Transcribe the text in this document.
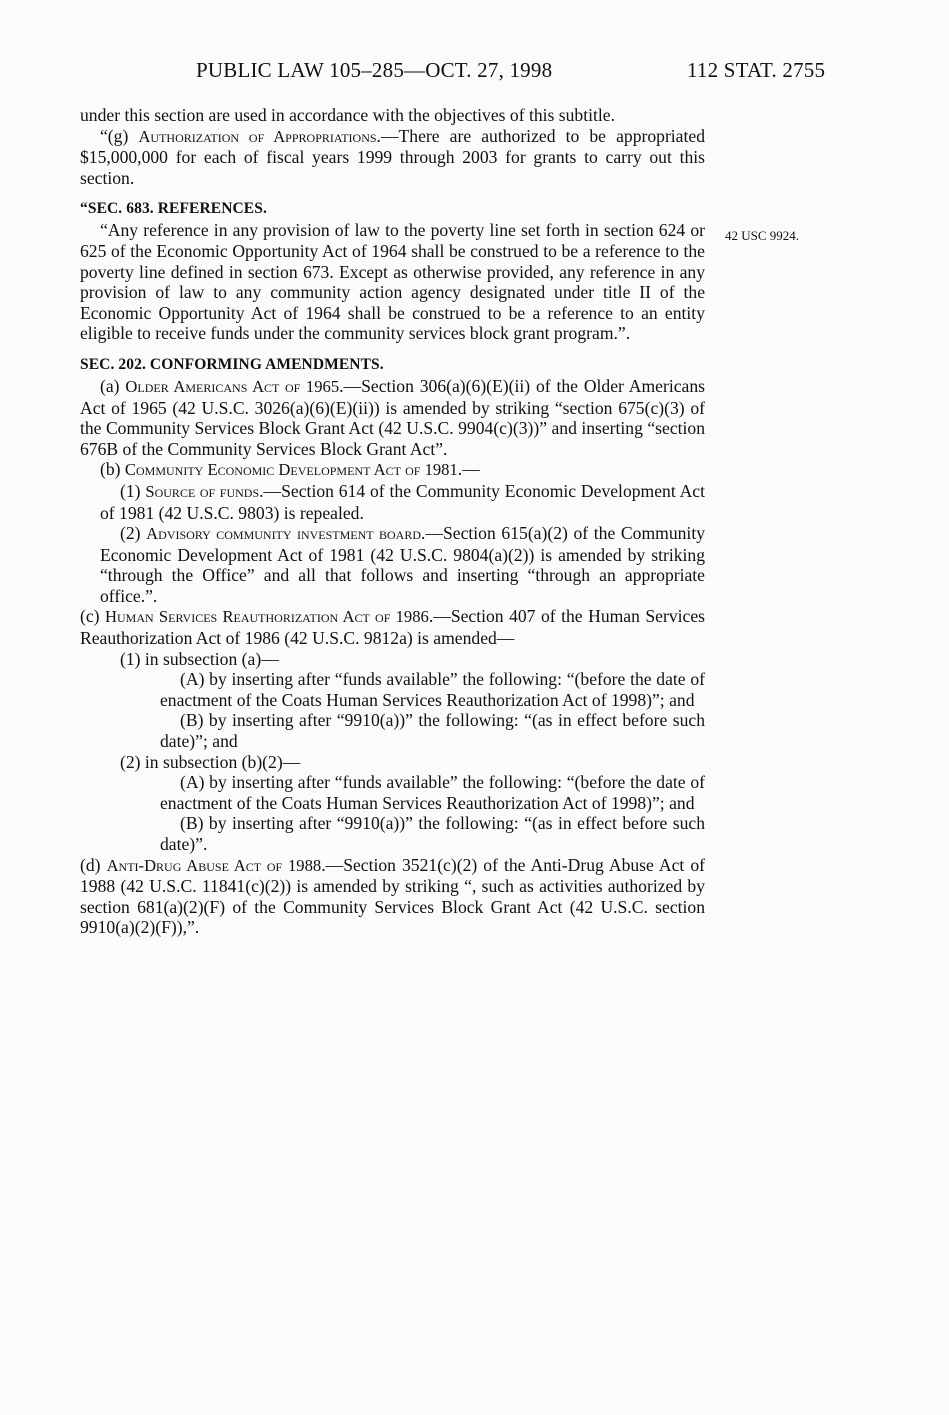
PUBLIC LAW 105–285—OCT. 27, 1998	112 STAT. 2755
42 USC 9924.

under this section are used in accordance with the objectives of this subtitle.

“(g) Authorization of Appropriations.—There are authorized to be appropriated $15,000,000 for each of fiscal years 1999 through 2003 for grants to carry out this section.

“SEC. 683. REFERENCES.

“Any reference in any provision of law to the poverty line set forth in section 624 or 625 of the Economic Opportunity Act of 1964 shall be construed to be a reference to the poverty line defined in section 673. Except as otherwise provided, any reference in any provision of law to any community action agency designated under title II of the Economic Opportunity Act of 1964 shall be construed to be a reference to an entity eligible to receive funds under the community services block grant program.”.

SEC. 202. CONFORMING AMENDMENTS.

(a) Older Americans Act of 1965.—Section 306(a)(6)(E)(ii) of the Older Americans Act of 1965 (42 U.S.C. 3026(a)(6)(E)(ii)) is amended by striking “section 675(c)(3) of the Community Services Block Grant Act (42 U.S.C. 9904(c)(3))” and inserting “section 676B of the Community Services Block Grant Act”.

(b) Community Economic Development Act of 1981.—

(1) Source of funds.—Section 614 of the Community Economic Development Act of 1981 (42 U.S.C. 9803) is repealed.

(2) Advisory community investment board.—Section 615(a)(2) of the Community Economic Development Act of 1981 (42 U.S.C. 9804(a)(2)) is amended by striking “through the Office” and all that follows and inserting “through an appropriate office.”.

(c) Human Services Reauthorization Act of 1986.—Section 407 of the Human Services Reauthorization Act of 1986 (42 U.S.C. 9812a) is amended—

(1) in subsection (a)—

(A) by inserting after “funds available” the following: “(before the date of enactment of the Coats Human Services Reauthorization Act of 1998)”; and

(B) by inserting after “9910(a))” the following: “(as in effect before such date)”; and

(2) in subsection (b)(2)—

(A) by inserting after “funds available” the following: “(before the date of enactment of the Coats Human Services Reauthorization Act of 1998)”; and

(B) by inserting after “9910(a))” the following: “(as in effect before such date)”.

(d) Anti-Drug Abuse Act of 1988.—Section 3521(c)(2) of the Anti-Drug Abuse Act of 1988 (42 U.S.C. 11841(c)(2)) is amended by striking “, such as activities authorized by section 681(a)(2)(F) of the Community Services Block Grant Act (42 U.S.C. section 9910(a)(2)(F)),”.
